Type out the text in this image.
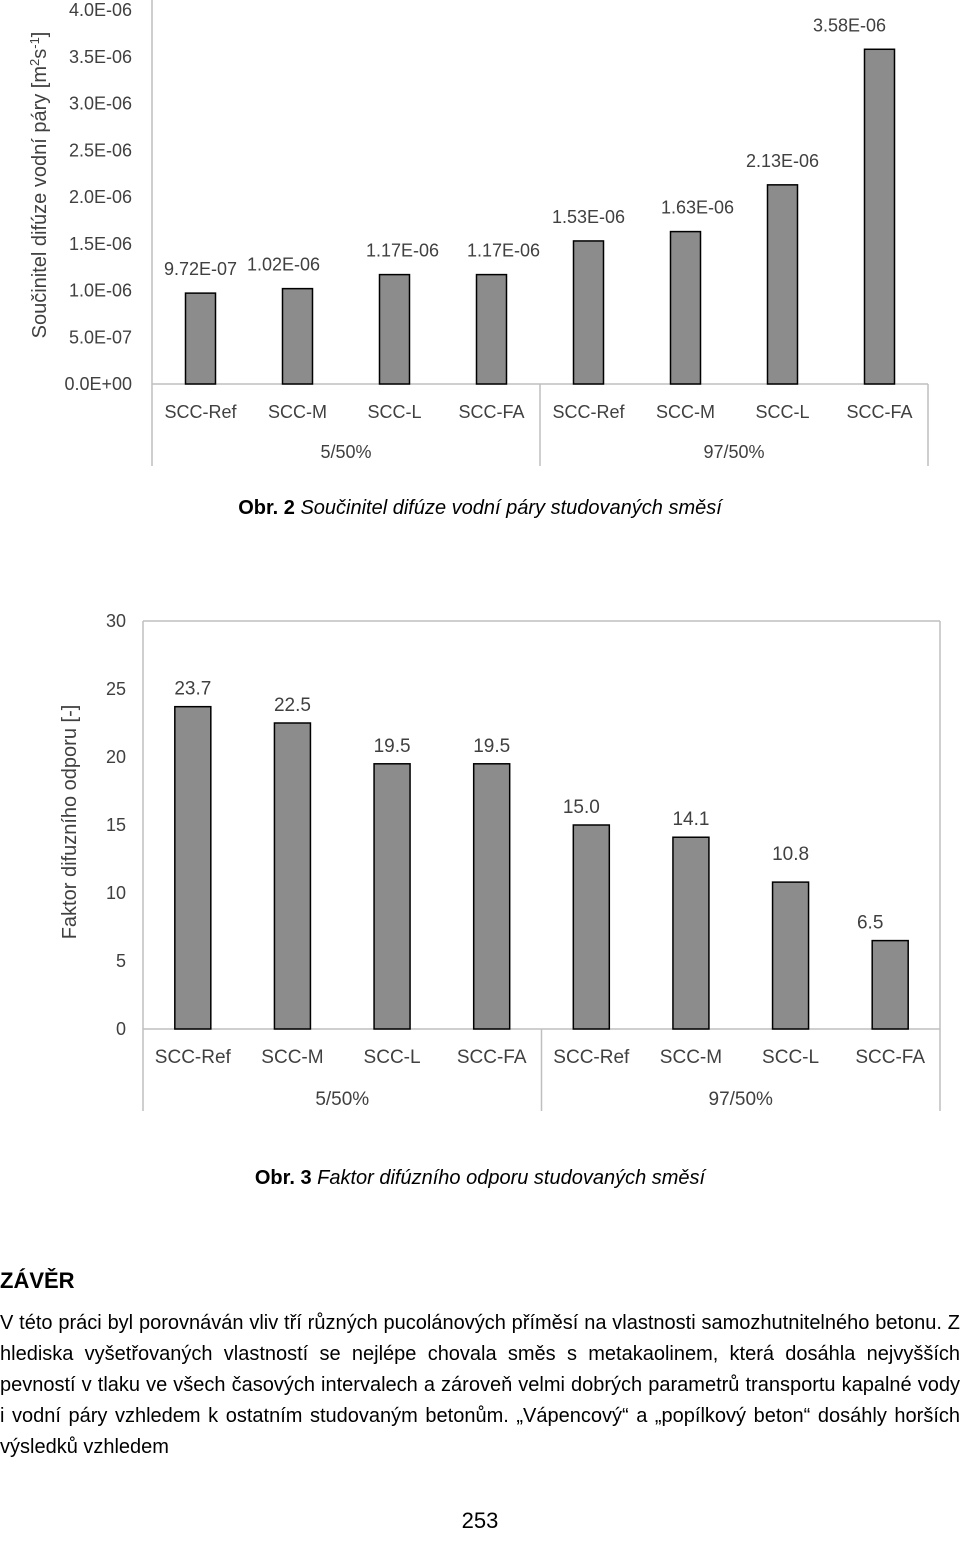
0.0E+00
5.0E-07
1.0E-06
1.5E-06
2.0E-06
2.5E-06
3.0E-06
3.5E-06
4.0E-06
9.72E-07
SCC-Ref
1.02E-06
SCC-M
1.17E-06
SCC-L
1.17E-06
SCC-FA
1.53E-06
SCC-Ref
1.63E-06
SCC-M
2.13E-06
SCC-L
3.58E-06
SCC-FA
5/50%	97/50%
Součinitel difúze vodní páry $[m^2s^{-1}]$
Obr. 2 Součinitel difúze vodní páry studovaných směsí
0
5
10
15
20
25
30
23.7
SCC-Ref
22.5
SCC-M
19.5
SCC-L
19.5
SCC-FA
15.0
SCC-Ref
14.1
SCC-M
10.8
SCC-L
6.5
SCC-FA
5/50%	97/50%
Faktor difuzního odporu [-]
Obr. 3 Faktor difúzního odporu studovaných směsí
ZÁVĚR

V této práci byl porovnáván vliv tří různých pucolánových příměsí na vlastnosti samozhutnitelného betonu. Z hlediska vyšetřovaných vlastností se nejlépe chovala směs s metakaolinem, která dosáhla nejvyšších pevností v tlaku ve všech časových intervalech a zároveň velmi dobrých parametrů transportu kapalné vody i vodní páry vzhledem k ostatním studovaným betonům. „Vápencový“ a „popílkový beton“ dosáhly horších výsledků vzhledem

253
